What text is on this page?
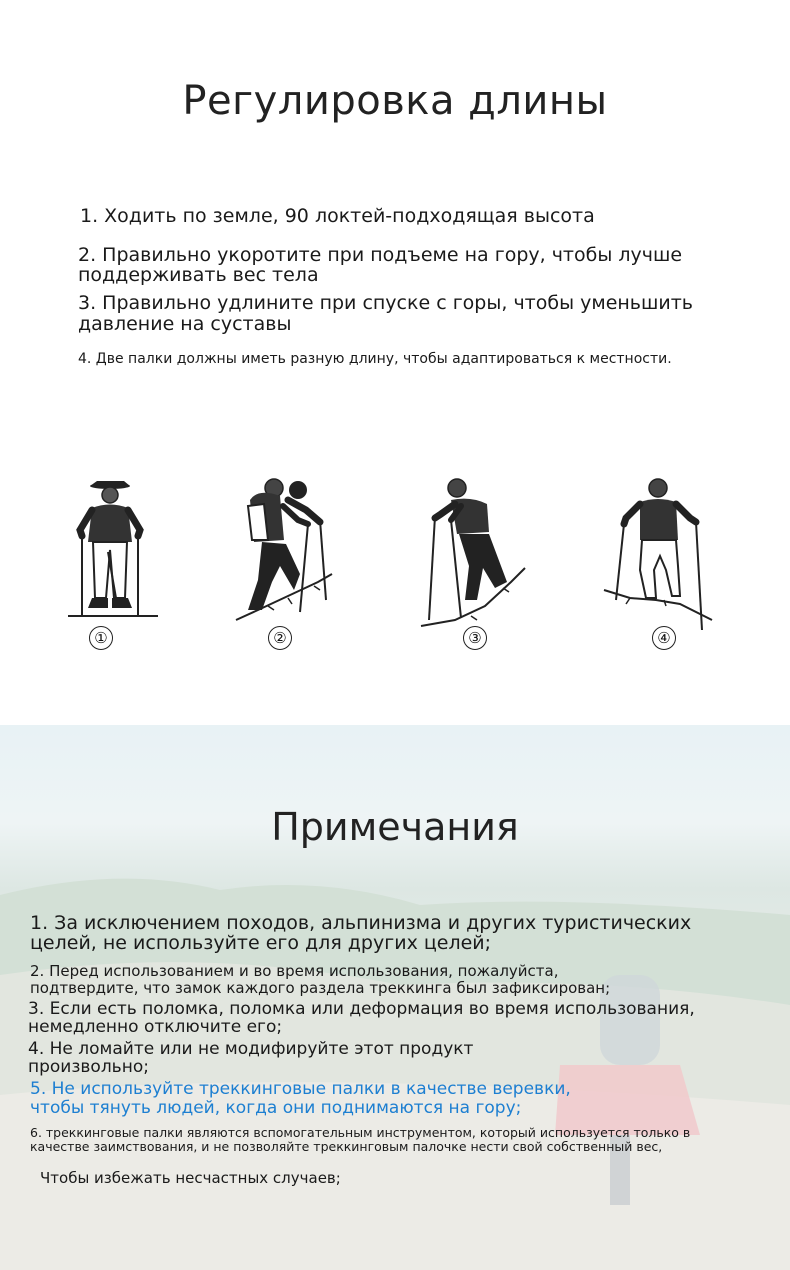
Регулировка длины
1. Ходить по земле, 90 локтей-подходящая высота
2. Правильно укоротите при подъеме на гору, чтобы лучше
поддерживать вес тела
3. Правильно удлините при спуске с горы, чтобы уменьшить
давление на суставы
4. Две палки должны иметь разную длину, чтобы адаптироваться к местности.
①	②	③	④
Примечания
1. За исключением походов, альпинизма и других туристических
целей, не используйте его для других целей;
2. Перед использованием и во время использования, пожалуйста,
подтвердите, что замок каждого раздела треккинга был зафиксирован;
3. Если есть поломка, поломка или деформация во время использования,
немедленно отключите его;
4. Не ломайте или не модифируйте этот продукт
произвольно;
5. Не используйте треккинговые палки в качестве веревки,
чтобы тянуть людей, когда они поднимаются на гору;
6. треккинговые палки являются вспомогательным инструментом, который используется только в
качестве заимствования, и не позволяйте треккинговым палочке нести свой собственный вес,
Чтобы избежать несчастных случаев;
